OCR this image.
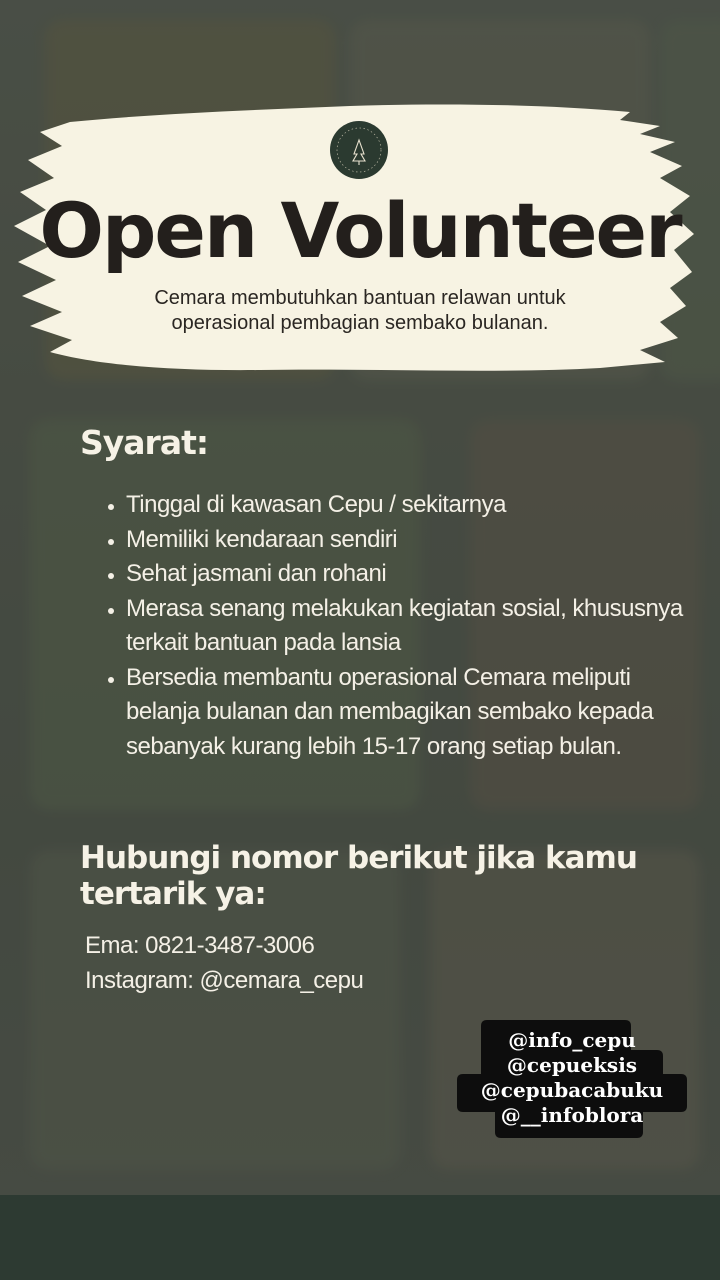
Open Volunteer
Cemara membutuhkan bantuan relawan untuk
operasional pembagian sembako bulanan.
Syarat:
• Tinggal di kawasan Cepu / sekitarnya
• Memiliki kendaraan sendiri
• Sehat jasmani dan rohani
• Merasa senang melakukan kegiatan sosial, khususnya terkait bantuan pada lansia
• Bersedia membantu operasional Cemara meliputi belanja bulanan dan membagikan sembako kepada sebanyak kurang lebih 15-17 orang setiap bulan.
Hubungi nomor berikut jika kamu tertarik ya:
Ema: 0821-3487-3006
Instagram: @cemara_cepu
@info_cepu
@cepueksis
@cepubacabuku
@__infoblora
